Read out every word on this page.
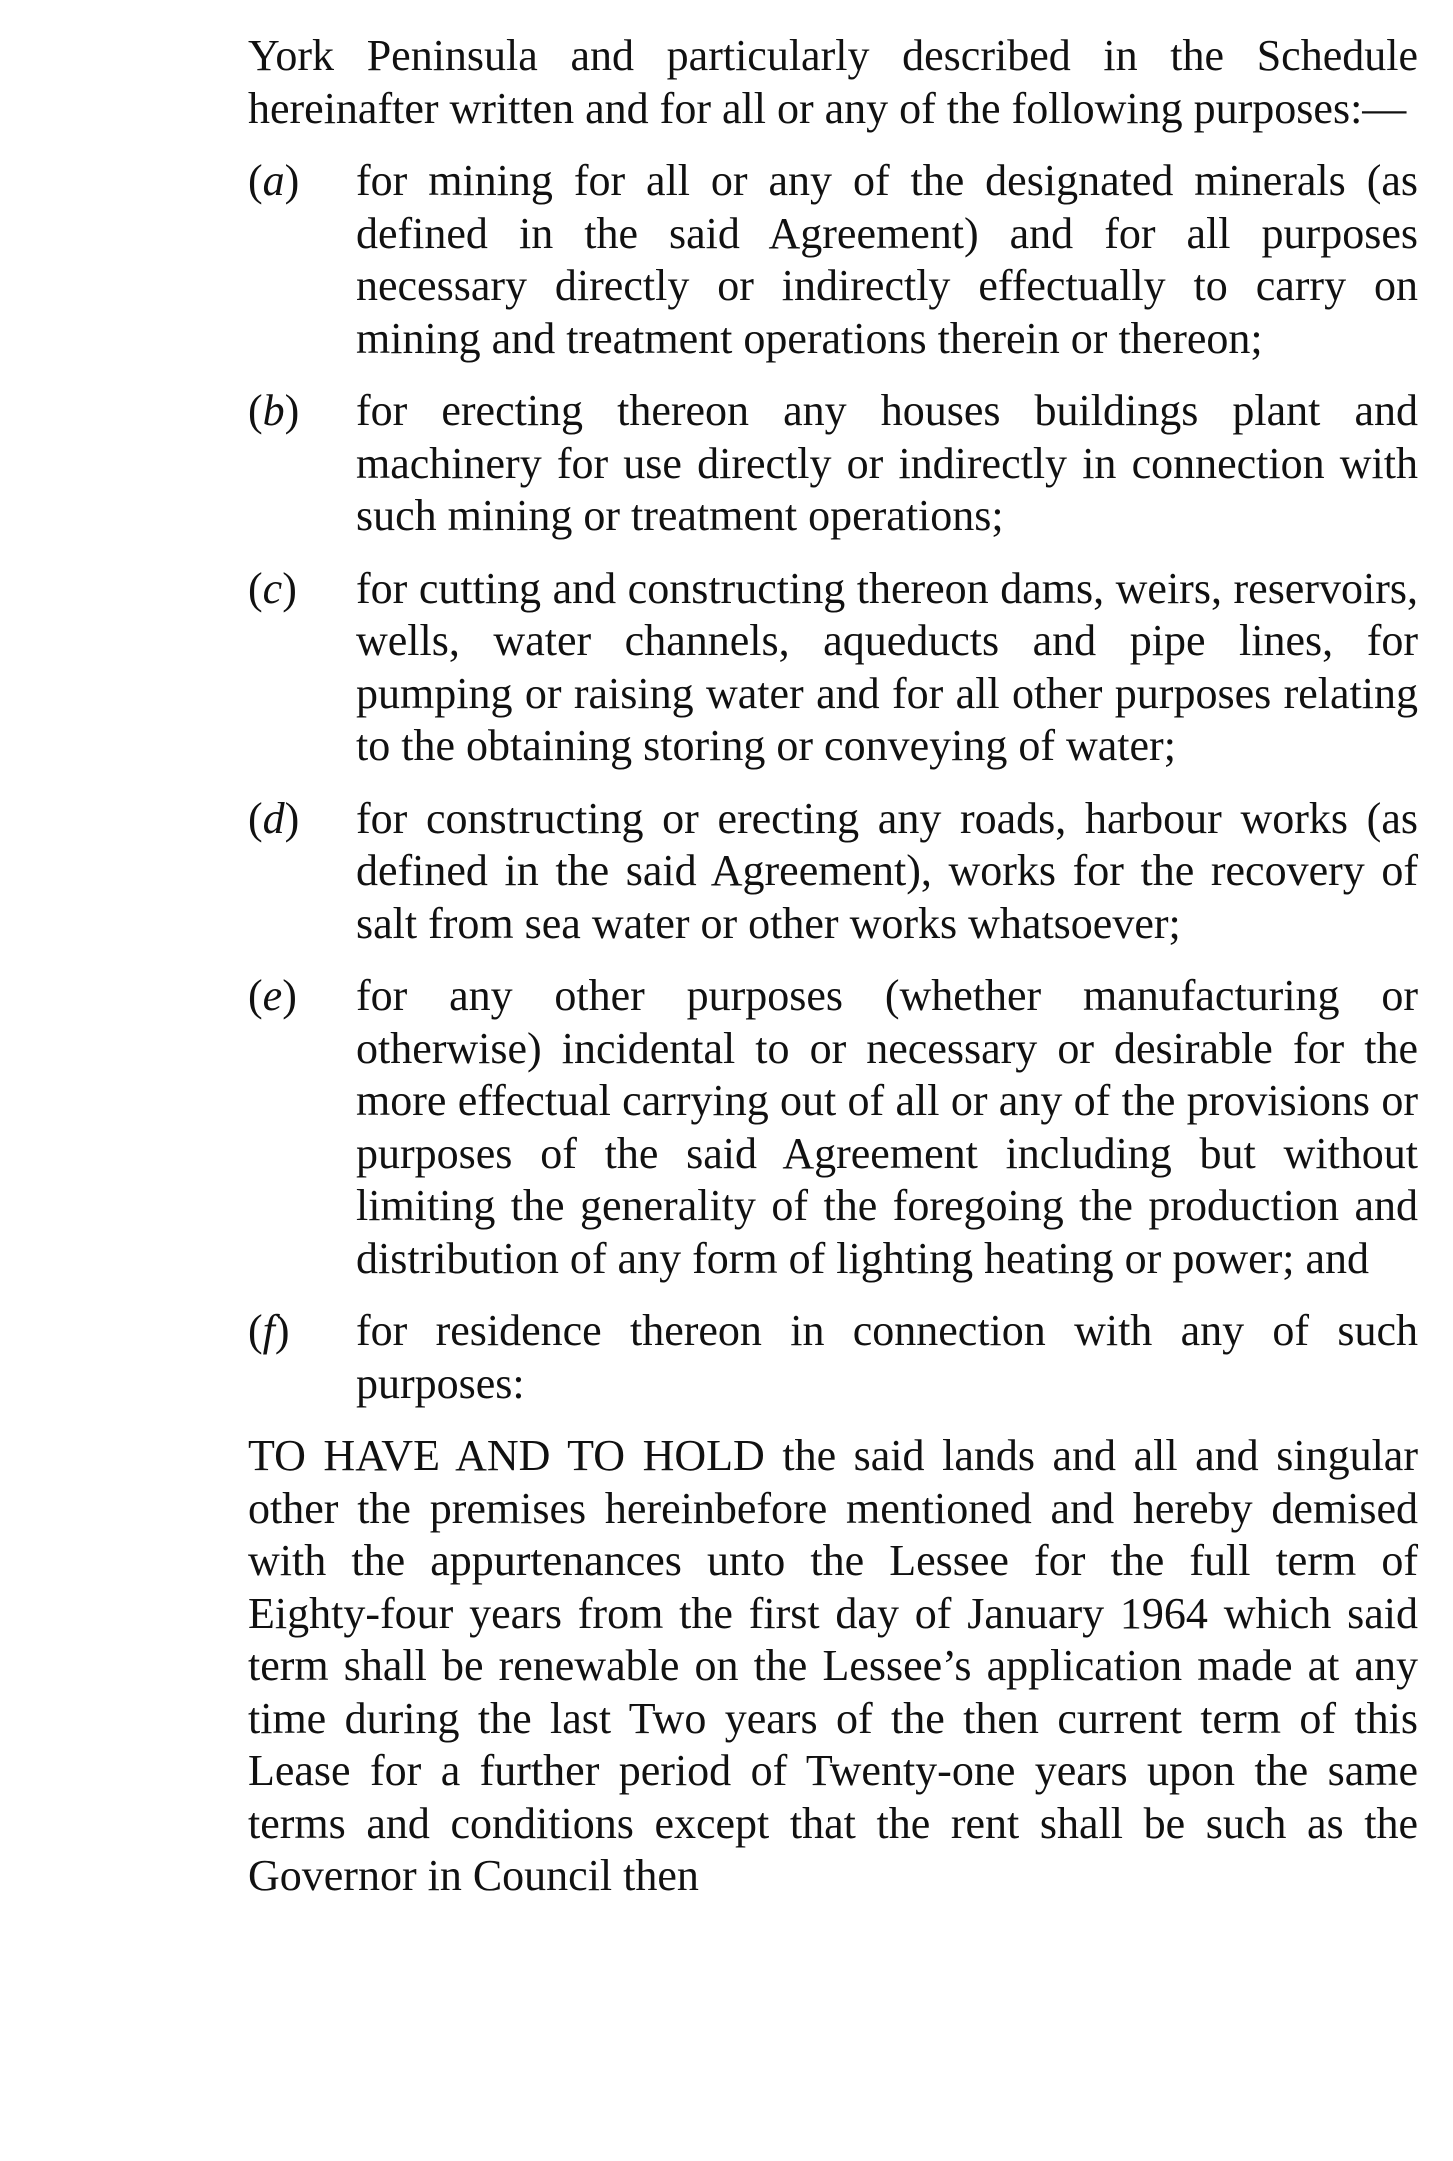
York Peninsula and particularly described in the Schedule hereinafter written and for all or any of the following purposes:—

(a)	for mining for all or any of the designated minerals (as defined in the said Agreement) and for all purposes necessary directly or indirectly effectually to carry on mining and treatment operations therein or thereon;
(b)	for erecting thereon any houses buildings plant and machinery for use directly or indirectly in connection with such mining or treatment operations;
(c)	for cutting and constructing thereon dams, weirs, reservoirs, wells, water channels, aqueducts and pipe lines, for pumping or raising water and for all other purposes relating to the obtaining storing or conveying of water;
(d)	for constructing or erecting any roads, harbour works (as defined in the said Agreement), works for the recovery of salt from sea water or other works whatsoever;
(e)	for any other purposes (whether manufacturing or otherwise) incidental to or necessary or desirable for the more effectual carrying out of all or any of the provisions or purposes of the said Agreement including but without limiting the generality of the foregoing the production and distribution of any form of lighting heating or power; and
(f)	for residence thereon in connection with any of such purposes:

TO HAVE AND TO HOLD the said lands and all and singular other the premises hereinbefore mentioned and hereby demised with the appurtenances unto the Lessee for the full term of Eighty-four years from the first day of January 1964 which said term shall be renewable on the Lessee’s application made at any time during the last Two years of the then current term of this Lease for a further period of Twenty-one years upon the same terms and conditions except that the rent shall be such as the Governor in Council then
